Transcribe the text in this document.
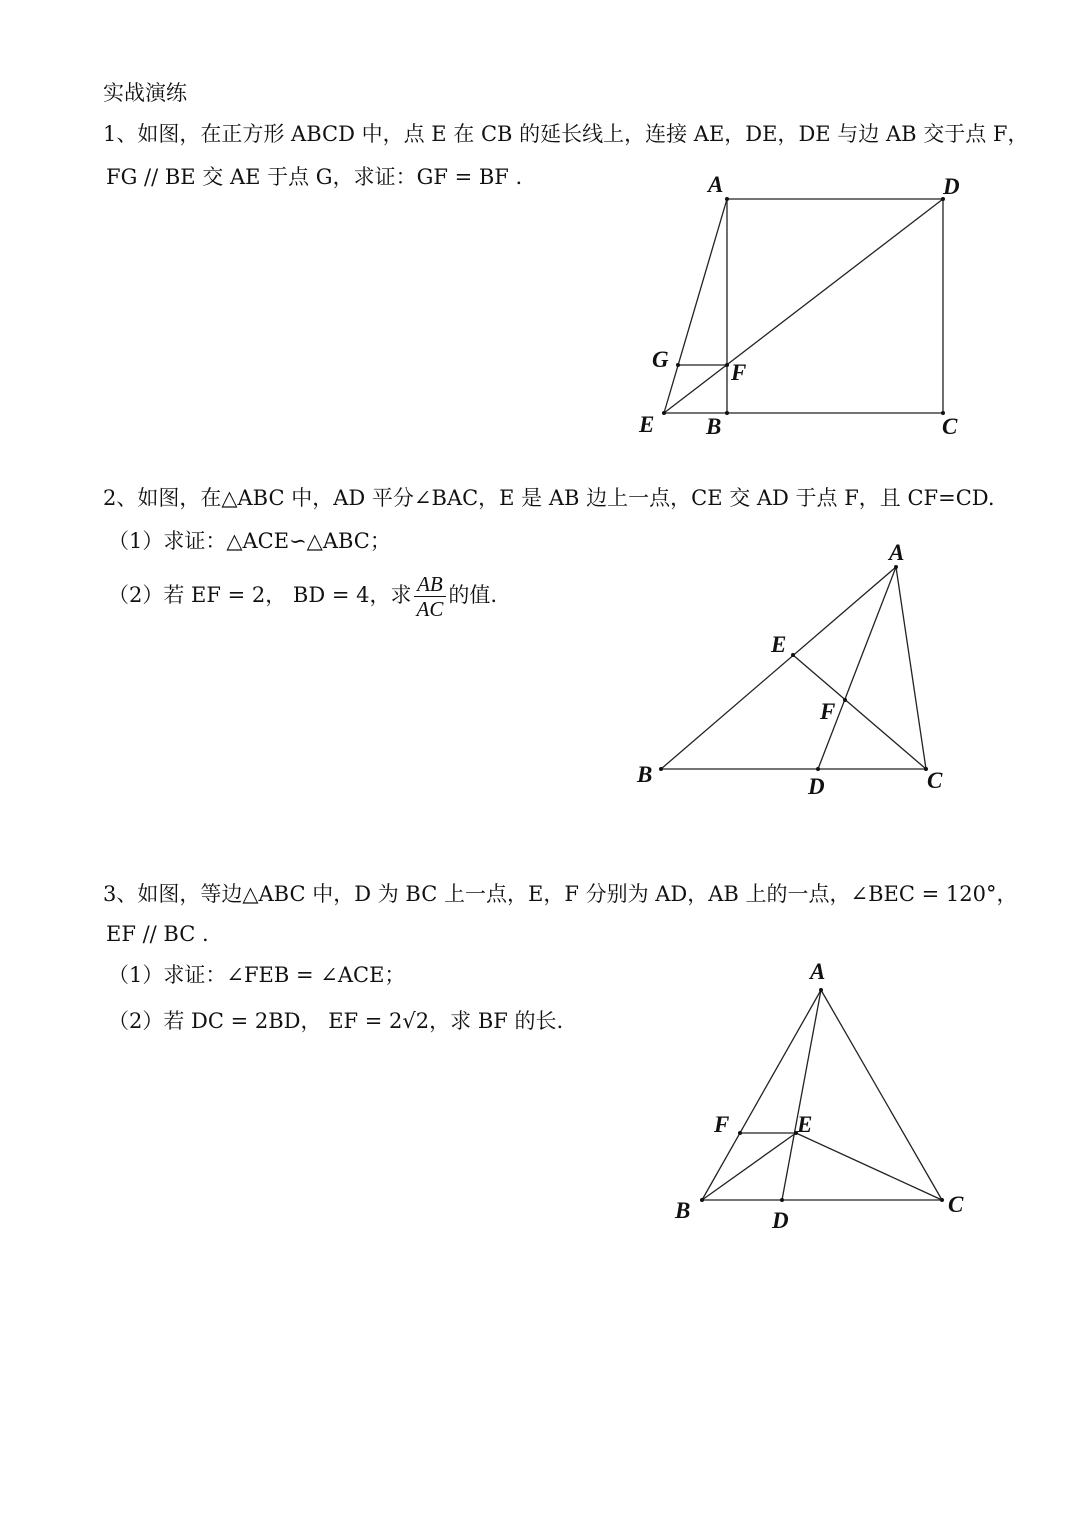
实战演练
1、如图，在正方形 ABCD 中，点 E 在 CB 的延长线上，连接 AE，DE，DE 与边 AB 交于点 F，
FG // BE 交 AE 于点 G，求证：GF = BF .	A	D
G
F
E B	C
2、如图，在△ABC 中，AD 平分∠BAC，E 是 AB 边上一点，CE 交 AD 于点 F，且 CF=CD.
（1）求证：△ACE∽△ABC；
（2）若 EF = 2， BD = 4，求 $\frac{AB}{AC}$ 的值.
A
E
F
B	D	C
3、如图，等边△ABC 中，D 为 BC 上一点，E，F 分别为 AD，AB 上的一点，∠BEC = 120°，
EF // BC .
（1）求证：∠FEB = ∠ACE；
（2）若 DC = 2BD， EF = 2√2，求 BF 的长.
A
F	E
B	D
C
